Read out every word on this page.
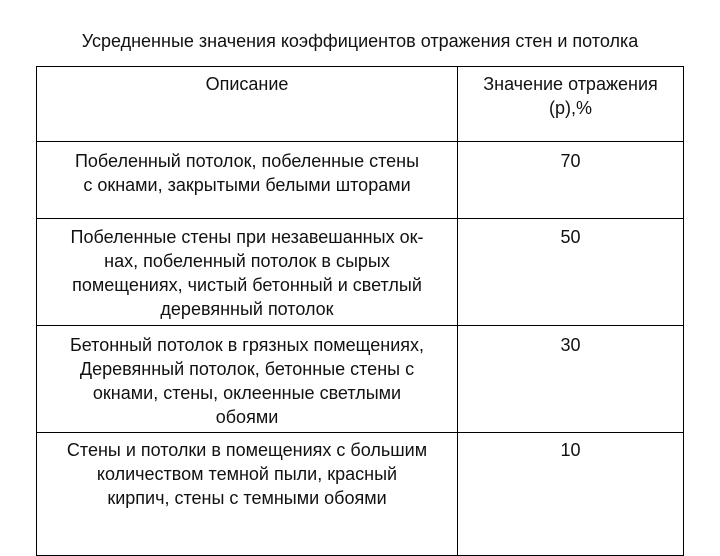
Усредненные значения коэффициентов отражения стен и потолка
Описание	Значение отражения
(p),%
Побеленный потолок, побеленные стены
с окнами, закрытыми белыми шторами
70
Побеленные стены при незавешанных ок-
нах, побеленный потолок в сырых
помещениях, чистый бетонный и светлый
деревянный потолок
50
Бетонный потолок в грязных помещениях,
Деревянный потолок, бетонные стены с
окнами, стены, оклеенные светлыми
обоями
30
Стены и потолки в помещениях с большим
количеством темной пыли, красный
кирпич, стены с темными обоями
10
